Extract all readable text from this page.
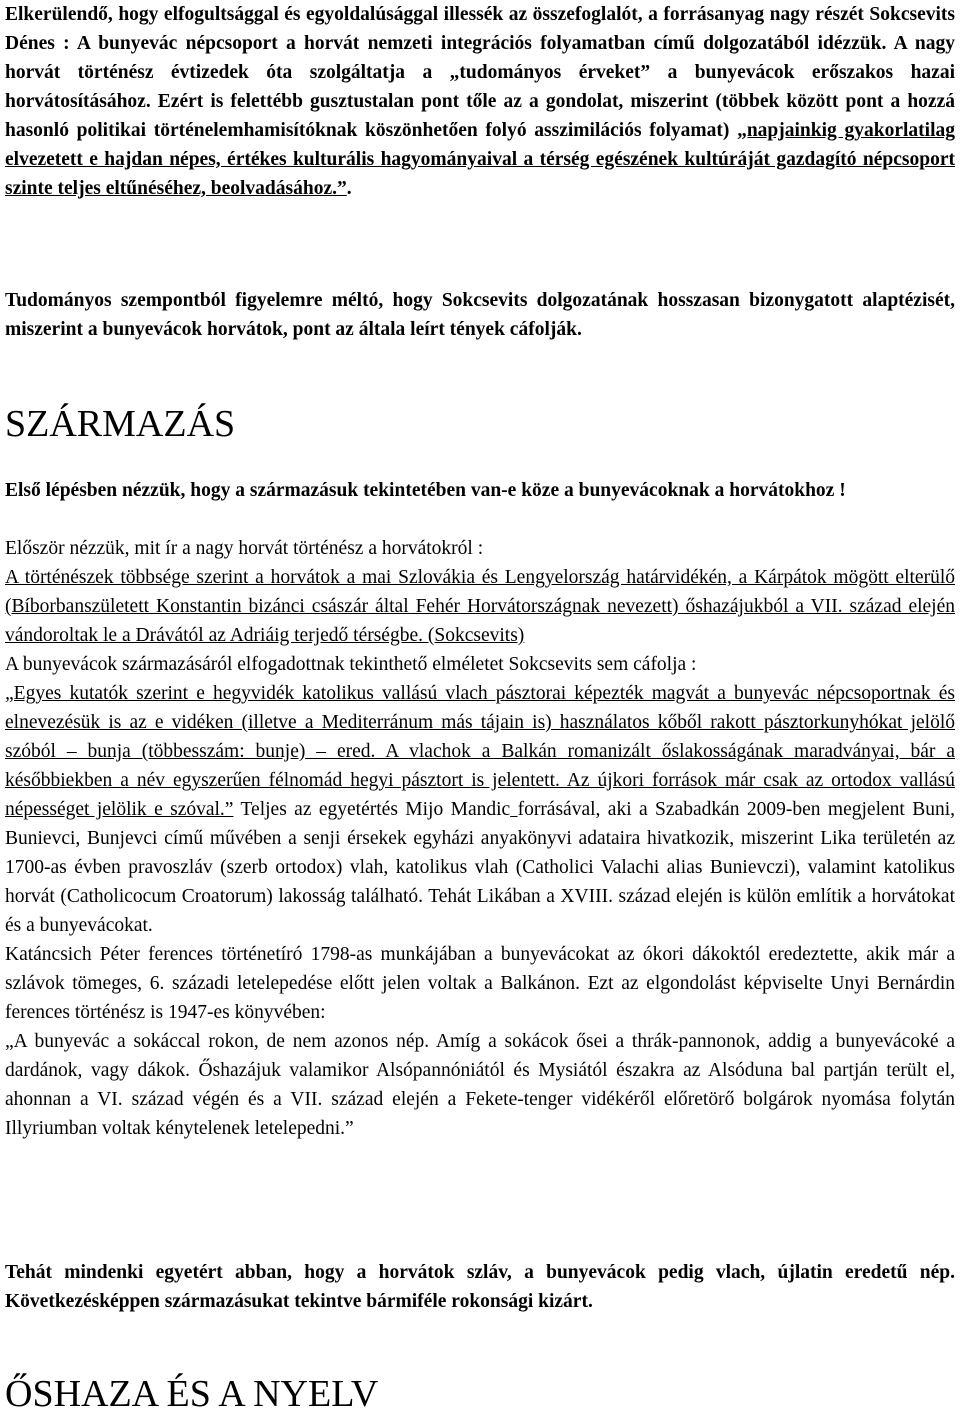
Elkerülendő, hogy elfogultsággal és egyoldalúsággal illessék az összefoglalót, a forrásanyag nagy részét Sokcsevits Dénes : A bunyevác népcsoport a horvát nemzeti integrációs folyamatban című dolgozatából idézzük. A nagy horvát történész évtizedek óta szolgáltatja a „tudományos érveket” a bunyevácok erőszakos hazai horvátosításához. Ezért is felettébb gusztustalan pont tőle az a gondolat, miszerint (többek között pont a hozzá hasonló politikai történelemhamisítóknak köszönhetően folyó asszimilációs folyamat) „napjainkig gyakorlatilag elvezetett e hajdan népes, értékes kulturális hagyományaival a térség egészének kultúráját gazdagító népcsoport szinte teljes eltűnéséhez, beolvadásához.”.

Tudományos szempontból figyelemre méltó, hogy Sokcsevits dolgozatának hosszasan bizonygatott alaptézisét, miszerint a bunyevácok horvátok, pont az általa leírt tények cáfolják.

SZÁRMAZÁS

Első lépésben nézzük, hogy a származásuk tekintetében van-e köze a bunyevácoknak a horvátokhoz !

Először nézzük, mit ír a nagy horvát történész a horvátokról :
A történészek többsége szerint a horvátok a mai Szlovákia és Lengyelország határvidékén, a Kárpátok mögött elterülő (Bíborbanszületett Konstantin bizánci császár által Fehér Horvátországnak nevezett) őshazájukból a VII. század elején vándoroltak le a Drávától az Adriáig terjedő térségbe. (Sokcsevits)
A bunyevácok származásáról elfogadottnak tekinthető elméletet Sokcsevits sem cáfolja :
„Egyes kutatók szerint e hegyvidék katolikus vallású vlach pásztorai képezték magvát a bunyevác népcsoportnak és elnevezésük is az e vidéken (illetve a Mediterránum más tájain is) használatos kőből rakott pásztorkunyhókat jelölő szóból – bunja (többesszám: bunje) – ered. A vlachok a Balkán romanizált őslakosságának maradványai, bár a későbbiekben a név egyszerűen félnomád hegyi pásztort is jelentett. Az újkori források már csak az ortodox vallású népességet jelölik e szóval.” Teljes az egyetértés Mijo Mandic forrásával, aki a Szabadkán 2009-ben megjelent Buni, Bunievci, Bunjevci című művében a senji érsekek egyházi anyakönyvi adataira hivatkozik, miszerint Lika területén az 1700-as évben pravoszláv (szerb ortodox) vlah, katolikus vlah (Catholici Valachi alias Bunievczi), valamint katolikus horvát (Catholicocum Croatorum) lakosság található. Tehát Likában a XVIII. század elején is külön említik a horvátokat és a bunyevácokat.
Katáncsich Péter ferences történetíró 1798-as munkájában a bunyevácokat az ókori dákoktól eredeztette, akik már a szlávok tömeges, 6. századi letelepedése előtt jelen voltak a Balkánon. Ezt az elgondolást képviselte Unyi Bernárdin ferences történész is 1947-es könyvében:
„A bunyevác a sokáccal rokon, de nem azonos nép. Amíg a sokácok ősei a thrák-pannonok, addig a bunyevácoké a dardánok, vagy dákok. Őshazájuk valamikor Alsópannóniától és Mysiától északra az Alsóduna bal partján terült el, ahonnan a VI. század végén és a VII. század elején a Fekete-tenger vidékéről előretörő bolgárok nyomása folytán Illyriumban voltak kénytelenek letelepedni.”

Tehát mindenki egyetért abban, hogy a horvátok szláv, a bunyevácok pedig vlach, újlatin eredetű nép. Következésképpen származásukat tekintve bármiféle rokonsági kizárt.

ŐSHAZA ÉS A NYELV
